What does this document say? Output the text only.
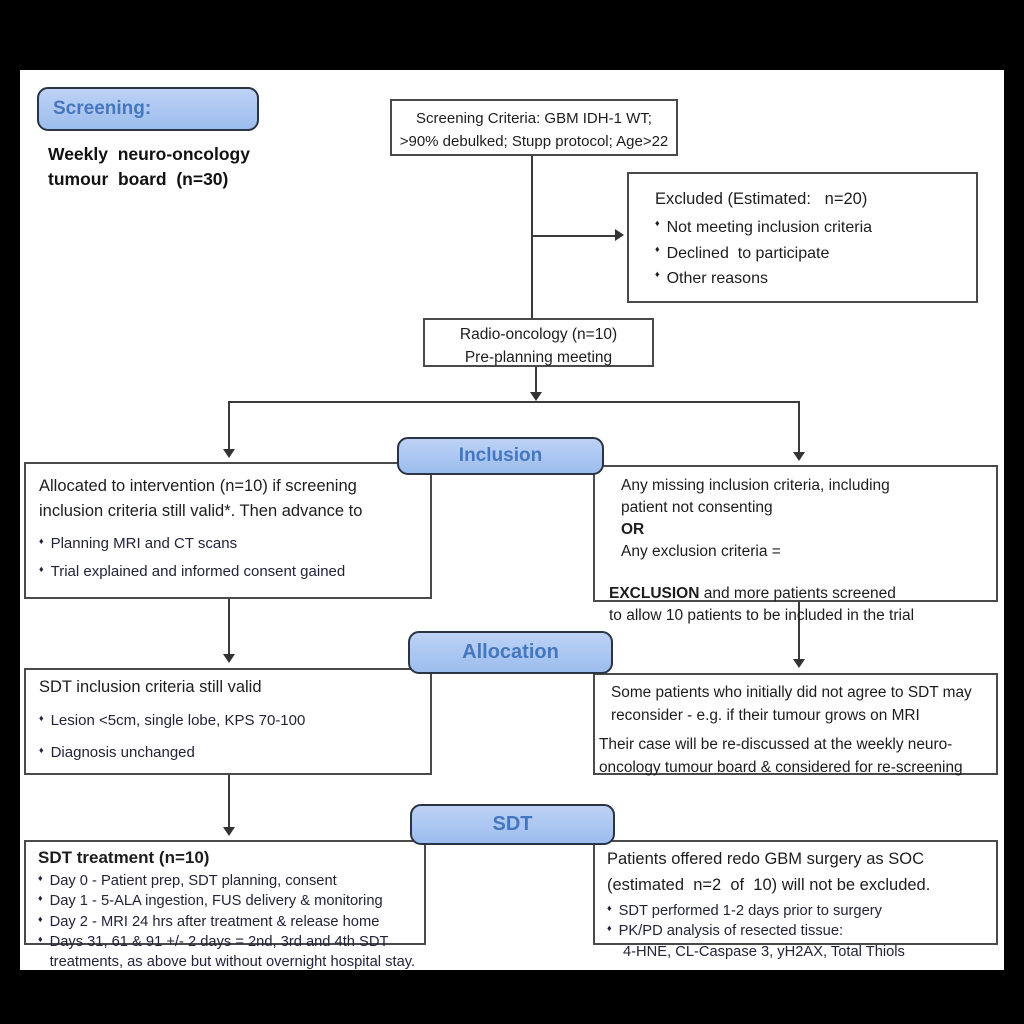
Screening:
Weekly  neuro-oncology
tumour  board  (n=30)
Screening Criteria: GBM IDH-1 WT;
>90% debulked; Stupp protocol; Age>22
Excluded (Estimated:   n=20)
♦ Not meeting inclusion criteria
♦ Declined  to participate
♦ Other reasons
Radio-oncology (n=10)
Pre-planning meeting
Inclusion
Allocated to intervention (n=10) if screening
inclusion criteria still valid*. Then advance to
♦ Planning MRI and CT scans
♦ Trial explained and informed consent gained
Any missing inclusion criteria, including
patient not consenting
OR
Any exclusion criteria =
EXCLUSION and more patients screened
to allow 10 patients to be included in the trial
Allocation
SDT inclusion criteria still valid
♦ Lesion <5cm, single lobe, KPS 70-100
♦ Diagnosis unchanged
Some patients who initially did not agree to SDT may reconsider - e.g. if their tumour grows on MRI
Their case will be re-discussed at the weekly neuro-oncology tumour board & considered for re-screening
SDT
SDT treatment (n=10)
♦ Day 0 - Patient prep, SDT planning, consent
♦ Day 1 - 5-ALA ingestion, FUS delivery & monitoring
♦ Day 2 - MRI 24 hrs after treatment & release home
♦ Days 31, 61 & 91 +/- 2 days = 2nd, 3rd and 4th SDT treatments, as above but without overnight hospital stay.
Patients offered redo GBM surgery as SOC
(estimated  n=2  of  10) will not be excluded.
♦ SDT performed 1-2 days prior to surgery
♦ PK/PD analysis of resected tissue:
4-HNE, CL-Caspase 3, yH2AX, Total Thiols
